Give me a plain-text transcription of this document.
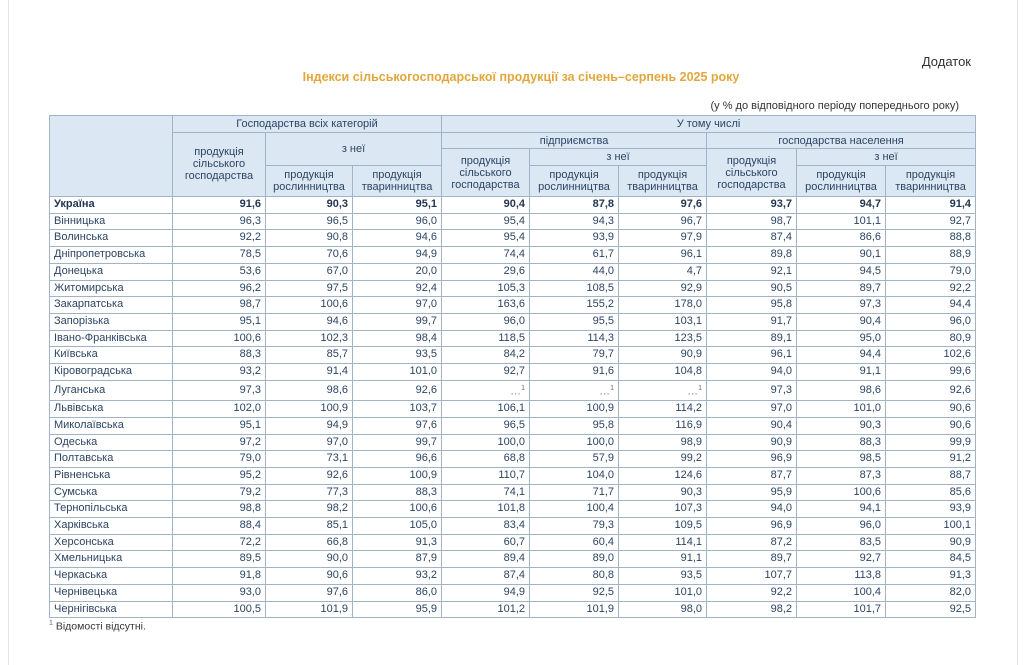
Додаток
Індекси сільськогосподарської продукції за січень–серпень 2025 року
(у % до відповідного періоду попереднього року)
	Господарства всіх категорій			У тому числі					
	продукція сільського господарства	з неї		підприємства			господарства населення		
				продукція сільського господарства	з неї		продукція сільського господарства	з неї	
		продукція рослинництва	продукція тваринництва		продукція рослинництва	продукція тваринництва		продукція рослинництва	продукція тваринництва
Україна	91,6	90,3	95,1	90,4	87,8	97,6	93,7	94,7	91,4
Вінницька	96,3	96,5	96,0	95,4	94,3	96,7	98,7	101,1	92,7
Волинська	92,2	90,8	94,6	95,4	93,9	97,9	87,4	86,6	88,8
Дніпропетровська	78,5	70,6	94,9	74,4	61,7	96,1	89,8	90,1	88,9
Донецька	53,6	67,0	20,0	29,6	44,0	4,7	92,1	94,5	79,0
Житомирська	96,2	97,5	92,4	105,3	108,5	92,9	90,5	89,7	92,2
Закарпатська	98,7	100,6	97,0	163,6	155,2	178,0	95,8	97,3	94,4
Запорізька	95,1	94,6	99,7	96,0	95,5	103,1	91,7	90,4	96,0
Івано-Франківська	100,6	102,3	98,4	118,5	114,3	123,5	89,1	95,0	80,9
Київська	88,3	85,7	93,5	84,2	79,7	90,9	96,1	94,4	102,6
Кіровоградська	93,2	91,4	101,0	92,7	91,6	104,8	94,0	91,1	99,6
Луганська	97,3	98,6	92,6	…$^1$	…$^1$	…$^1$	97,3	98,6	92,6
Львівська	102,0	100,9	103,7	106,1	100,9	114,2	97,0	101,0	90,6
Миколаївська	95,1	94,9	97,6	96,5	95,8	116,9	90,4	90,3	90,6
Одеська	97,2	97,0	99,7	100,0	100,0	98,9	90,9	88,3	99,9
Полтавська	79,0	73,1	96,6	68,8	57,9	99,2	96,9	98,5	91,2
Рівненська	95,2	92,6	100,9	110,7	104,0	124,6	87,7	87,3	88,7
Сумська	79,2	77,3	88,3	74,1	71,7	90,3	95,9	100,6	85,6
Тернопільська	98,8	98,2	100,6	101,8	100,4	107,3	94,0	94,1	93,9
Харківська	88,4	85,1	105,0	83,4	79,3	109,5	96,9	96,0	100,1
Херсонська	72,2	66,8	91,3	60,7	60,4	114,1	87,2	83,5	90,9
Хмельницька	89,5	90,0	87,9	89,4	89,0	91,1	89,7	92,7	84,5
Черкаська	91,8	90,6	93,2	87,4	80,8	93,5	107,7	113,8	91,3
Чернівецька	93,0	97,6	86,0	94,9	92,5	101,0	92,2	100,4	82,0
Чернігівська	100,5	101,9	95,9	101,2	101,9	98,0	98,2	101,7	92,5
$^1$ Відомості відсутні.
